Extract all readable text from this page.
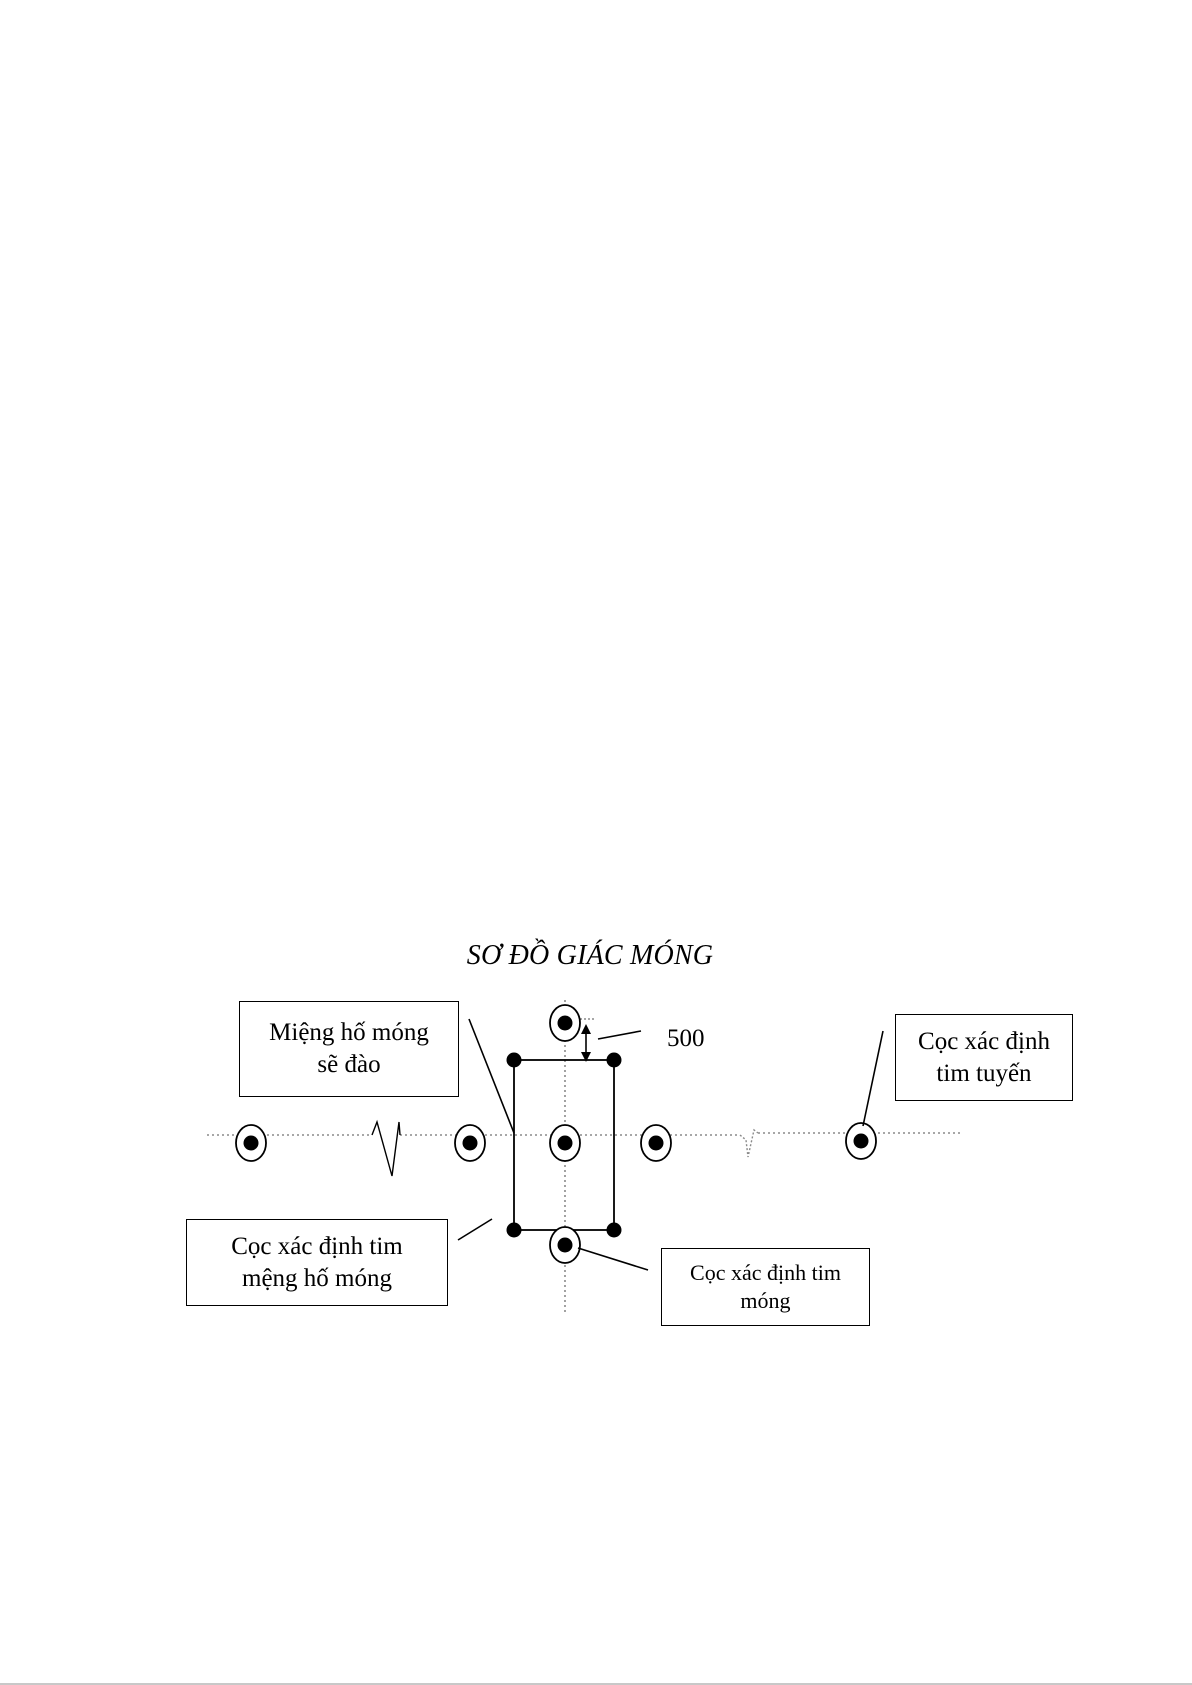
SƠ ĐỒ GIÁC MÓNG
500
Miệng hố móng
sẽ đào
Cọc xác định
tim tuyến
Cọc xác định tim
mệng hố móng	Cọc xác định tim
móng
